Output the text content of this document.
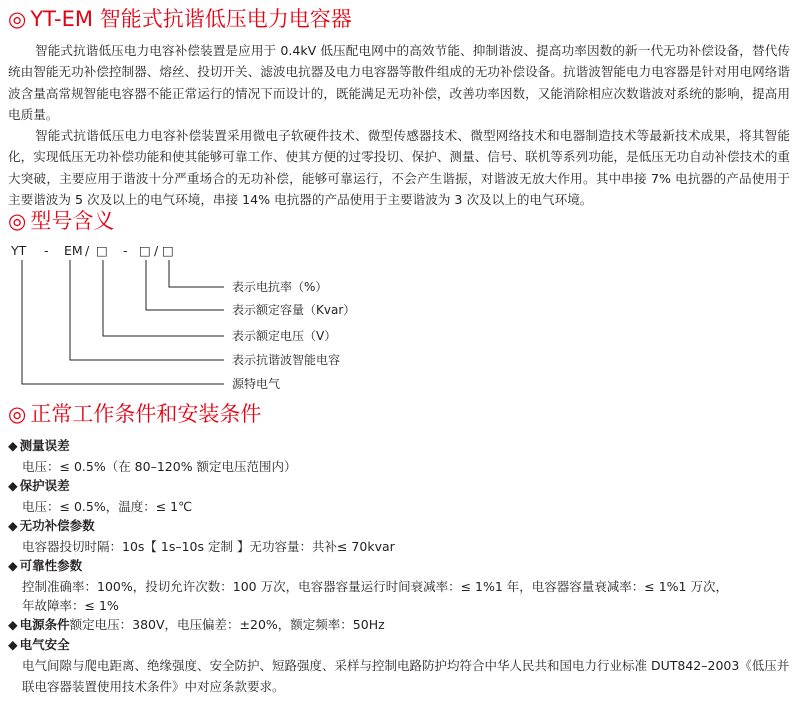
◎ YT-EM 智能式抗谐低压电力电容器

智能式抗谐低压电力电容补偿装置是应用于 0.4kV 低压配电网中的高效节能、抑制谐波、提高功率因数的新一代无功补偿设备，替代传统由智能无功补偿控制器、熔丝、投切开关、滤波电抗器及电力电容器等散件组成的无功补偿设备。抗谐波智能电力电容器是针对用电网络谐波含量高常规智能电容器不能正常运行的情况下而设计的，既能满足无功补偿，改善功率因数，又能消除相应次数谐波对系统的影响，提高用电质量。

智能式抗谐低压电力电容补偿装置采用微电子软硬件技术、微型传感器技术、微型网络技术和电器制造技术等最新技术成果，将其智能化，实现低压无功补偿功能和使其能够可靠工作、使其方便的过零投切、保护、测量、信号、联机等系列功能，是低压无功自动补偿技术的重大突破，主要应用于谐波十分严重场合的无功补偿，能够可靠运行，不会产生谐振，对谐波无放大作用。其中串接 7% 电抗器的产品使用于主要谐波为 5 次及以上的电气环境，串接 14% 电抗器的产品使用于主要谐波为 3 次及以上的电气环境。

◎ 型号含义
YT - EM / □ - □ / □
表示电抗率（%）
表示额定容量（Kvar）
表示额定电压（V）
表示抗谐波智能电容
源特电气
◎ 正常工作条件和安装条件
◆ 测量误差
电压：≤ 0.5%（在 80–120% 额定电压范围内）
◆ 保护误差
电压：≤ 0.5%，温度：≤ 1℃
◆ 无功补偿参数
电容器投切时隔：10s【 1s–10s 定制 】无功容量：共补≤ 70kvar
◆ 可靠性参数
控制准确率：100%，投切允许次数：100 万次，电容器容量运行时间衰减率：≤ 1%1 年，电容器容量衰减率：≤ 1%1 万次，
年故障率：≤ 1%
◆ 电源条件额定电压：380V，电压偏差：±20%，额定频率：50Hz
◆ 电气安全

电气间隙与爬电距离、绝缘强度、安全防护、短路强度、采样与控制电路防护均符合中华人民共和国电力行业标准 DUT842–2003《低压并联电容器装置使用技术条件》中对应条款要求。
